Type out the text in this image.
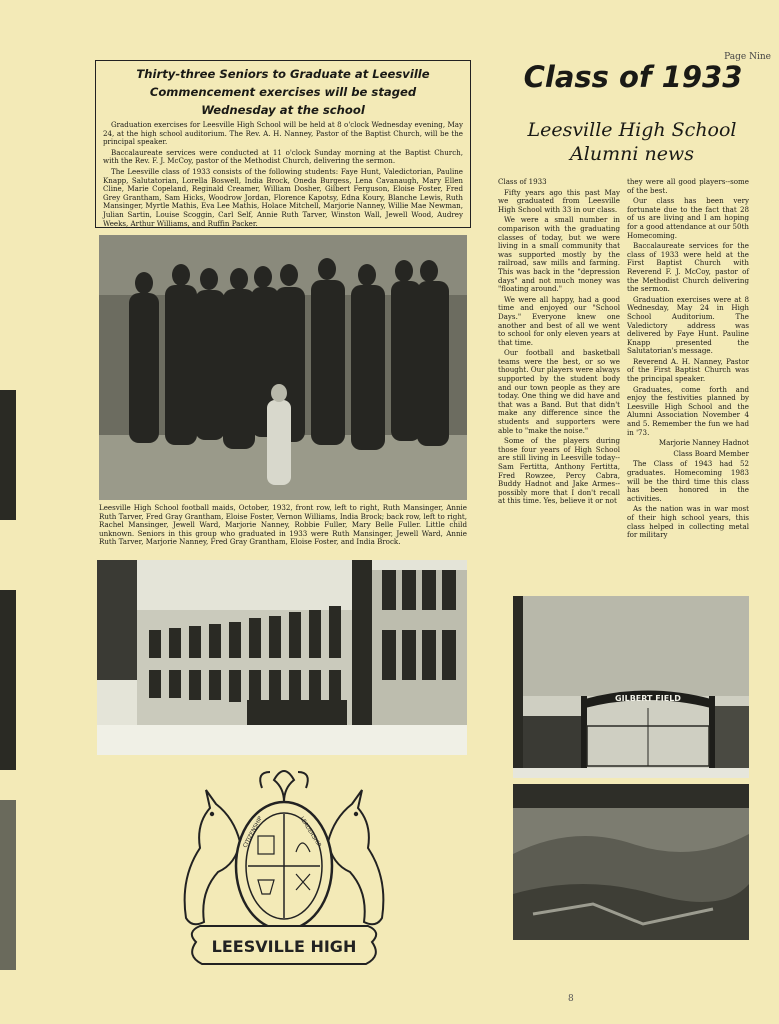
Page Nine
Thirty-three Seniors to Graduate at Leesville
Commencement exercises will be staged
Wednesday at the school

Graduation exercises for Leesville High School will be held at 8 o'clock Wednesday evening, May 24, at the high school auditorium. The Rev. A. H. Nanney, Pastor of the Baptist Church, will be the principal speaker.

Baccalaureate services were conducted at 11 o'clock Sunday morning at the Baptist Church, with the Rev. F. J. McCoy, pastor of the Methodist Church, delivering the sermon.

The Leesville class of 1933 consists of the following students: Faye Hunt, Valedictorian, Pauline Knapp, Salutatorian, Lorella Boswell, India Brock, Oneda Burgess, Lena Cavanaugh, Mary Ellen Cline, Marie Copeland, Reginald Creamer, William Dosher, Gilbert Ferguson, Eloise Foster, Fred Grey Grantham, Sam Hicks, Woodrow Jordan, Florence Kapotsy, Edna Koury, Blanche Lewis, Ruth Mansinger, Myrtle Mathis, Eva Lee Mathis, Holace Mitchell, Marjorie Nanney, Willie Mae Newman, Julian Sartin, Louise Scoggin, Carl Self, Annie Ruth Tarver, Winston Wall, Jewell Wood, Audrey Weeks, Arthur Williams, and Ruffin Packer.

Leesville High School football maids, October, 1932, front row, left to right, Ruth Mansinger, Annie Ruth Tarver, Fred Gray Grantham, Eloise Foster, Vernon Williams, India Brock; back row, left to right, Rachel Mansinger, Jewell Ward, Marjorie Nanney, Robbie Fuller, Mary Belle Fuller. Little child unknown. Seniors in this group who graduated in 1933 were Ruth Mansinger, Jewell Ward, Annie Ruth Tarver, Marjorie Nanney, Fred Gray Grantham, Eloise Foster, and India Brock.
Class of 1933
Leesville High School
Alumni news

Class of 1933

Fifty years ago this past May we graduated from Leesville High School with 33 in our class.

We were a small number in comparison with the graduating classes of today, but we were living in a small community that was supported mostly by the railroad, saw mills and farming. This was back in the "depression days" and not much money was "floating around."

We were all happy, had a good time and enjoyed our "School Days." Everyone knew one another and best of all we went to school for only eleven years at that time.

Our football and basketball teams were the best, or so we thought. Our players were always supported by the student body and our town people as they are today. One thing we did have and that was a Band. But that didn't make any difference since the students and supporters were able to "make the noise."

Some of the players during those four years of High School are still living in Leesville today--Sam Fertitta, Anthony Fertitta, Fred Rowzee, Percy Cabra, Buddy Hadnot and Jake Armes--possibly more that I don't recall at this time. Yes, believe it or not

they were all good players--some of the best.

Our class has been very fortunate due to the fact that 28 of us are living and I am hoping for a good attendance at our 50th Homecoming.

Baccalaureate services for the class of 1933 were held at the First Baptist Church with Reverend F. J. McCoy, pastor of the Methodist Church delivering the sermon.

Graduation exercises were at 8 Wednesday, May 24 in High School Auditorium. The Valedictory address was delivered by Faye Hunt. Pauline Knapp presented the Salutatorian's message.

Reverend A. H. Nanney, Pastor of the First Baptist Church was the principal speaker.

Graduates, come forth and enjoy the festivities planned by Leesville High School and the Alumni Association November 4 and 5. Remember the fun we had in '73.

Marjorie Nanney Hadnot

Class Board Member

The Class of 1943 had 52 graduates. Homecoming 1983 will be the third time this class has been honored in the activities.

As the nation was in war most of their high school years, this class helped in collecting metal for military

GILBERT FIELD
CITIZENSHIP	LEADERSHIP
LEESVILLE HIGH
8
